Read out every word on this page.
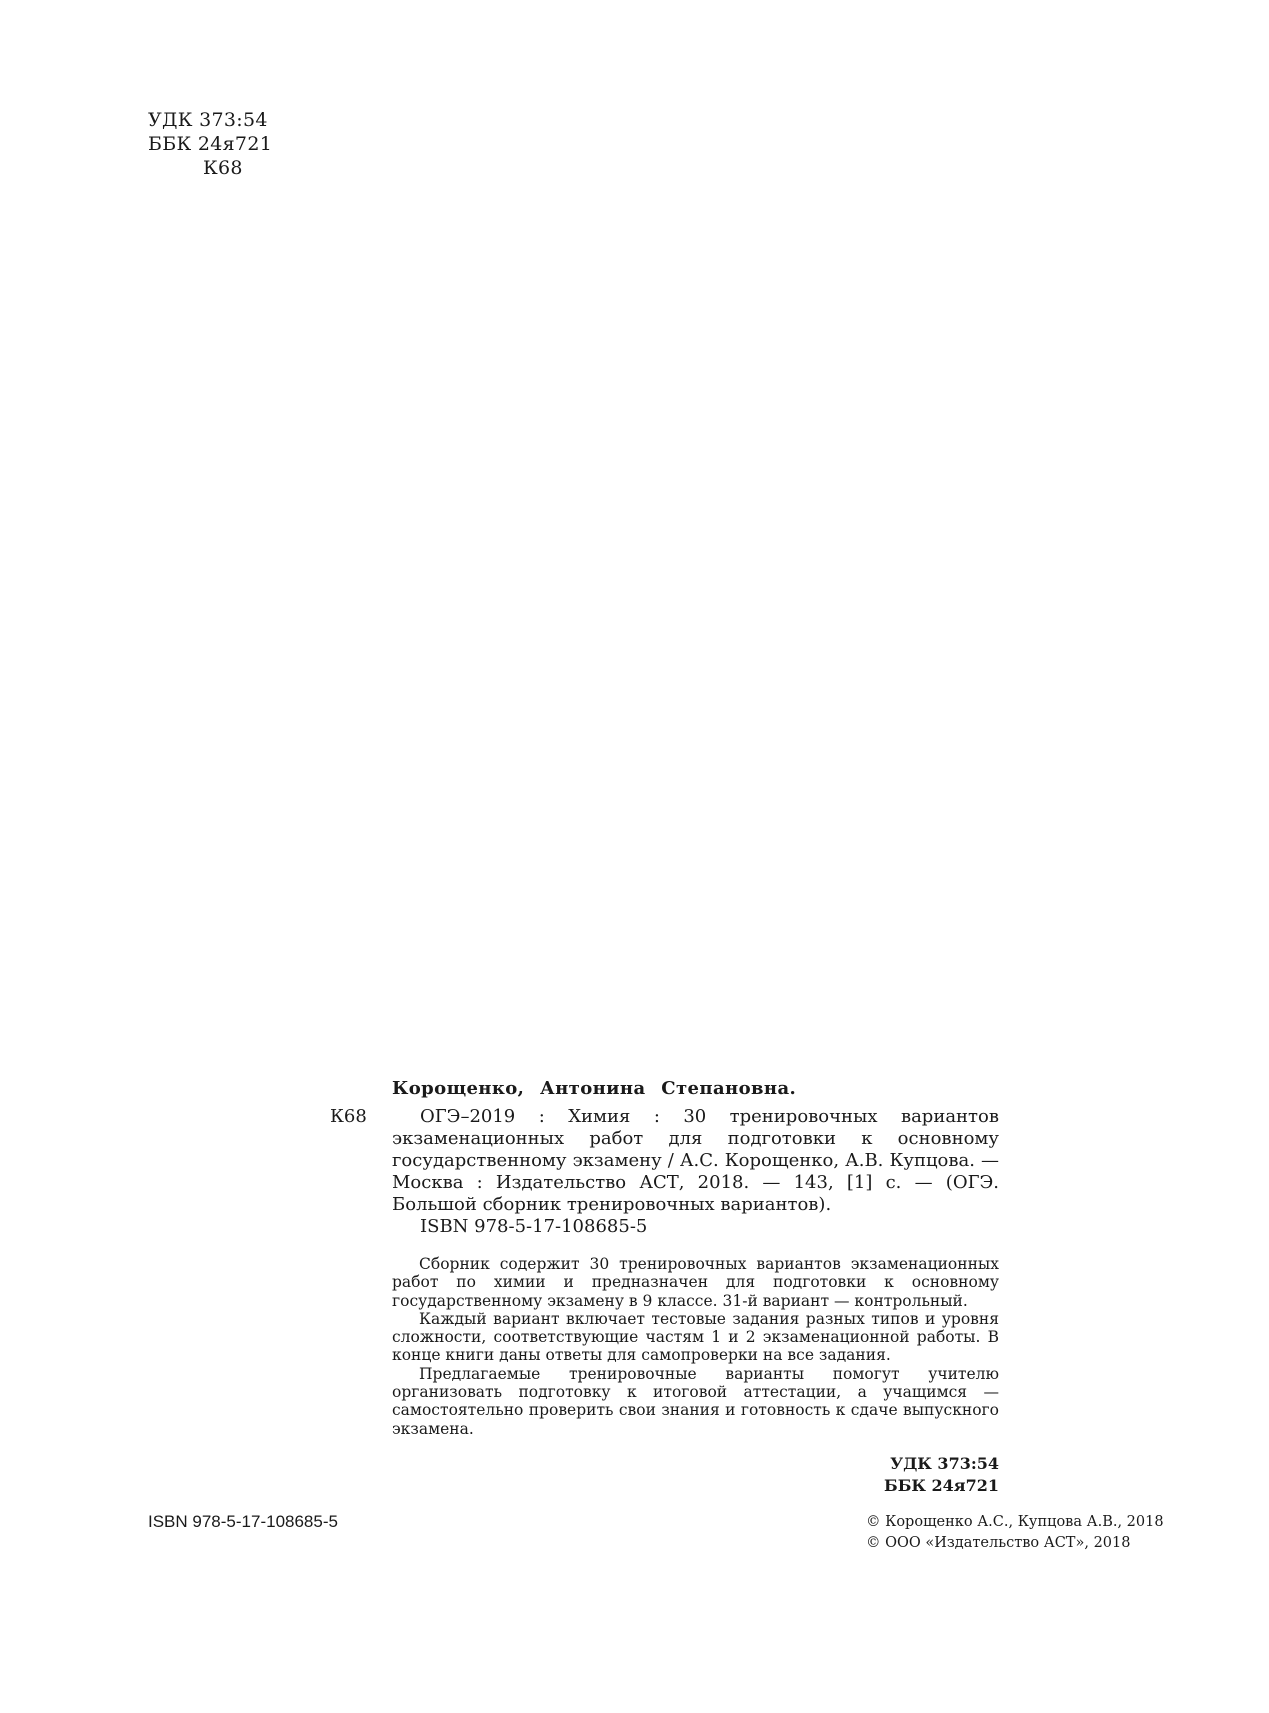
УДК 373:54
ББК 24я721
К68
Корощенко, Антонина Степановна.
К68	ОГЭ–2019 : Химия : 30 тренировочных вариантов экзаменационных работ для подготовки к основному государственному экзамену / А.С. Корощенко, А.В. Купцова. — Москва : Издательство АСТ, 2018. — 143, [1] с. — (ОГЭ. Большой сборник тренировочных вариантов).

ISBN 978-5-17-108685-5

Сборник содержит 30 тренировочных вариантов экзаменационных работ по химии и предназначен для подготовки к основному государственному экзамену в 9 классе. 31-й вариант — контрольный.

Каждый вариант включает тестовые задания разных типов и уровня сложности, соответствующие частям 1 и 2 экзаменационной работы. В конце книги даны ответы для самопроверки на все задания.

Предлагаемые тренировочные варианты помогут учителю организовать подготовку к итоговой аттестации, а учащимся — самостоятельно проверить свои знания и готовность к сдаче выпускного экзамена.

УДК 373:54
ББК 24я721
ISBN 978-5-17-108685-5	© Корощенко А.С., Купцова А.В., 2018
© ООО «Издательство АСТ», 2018
